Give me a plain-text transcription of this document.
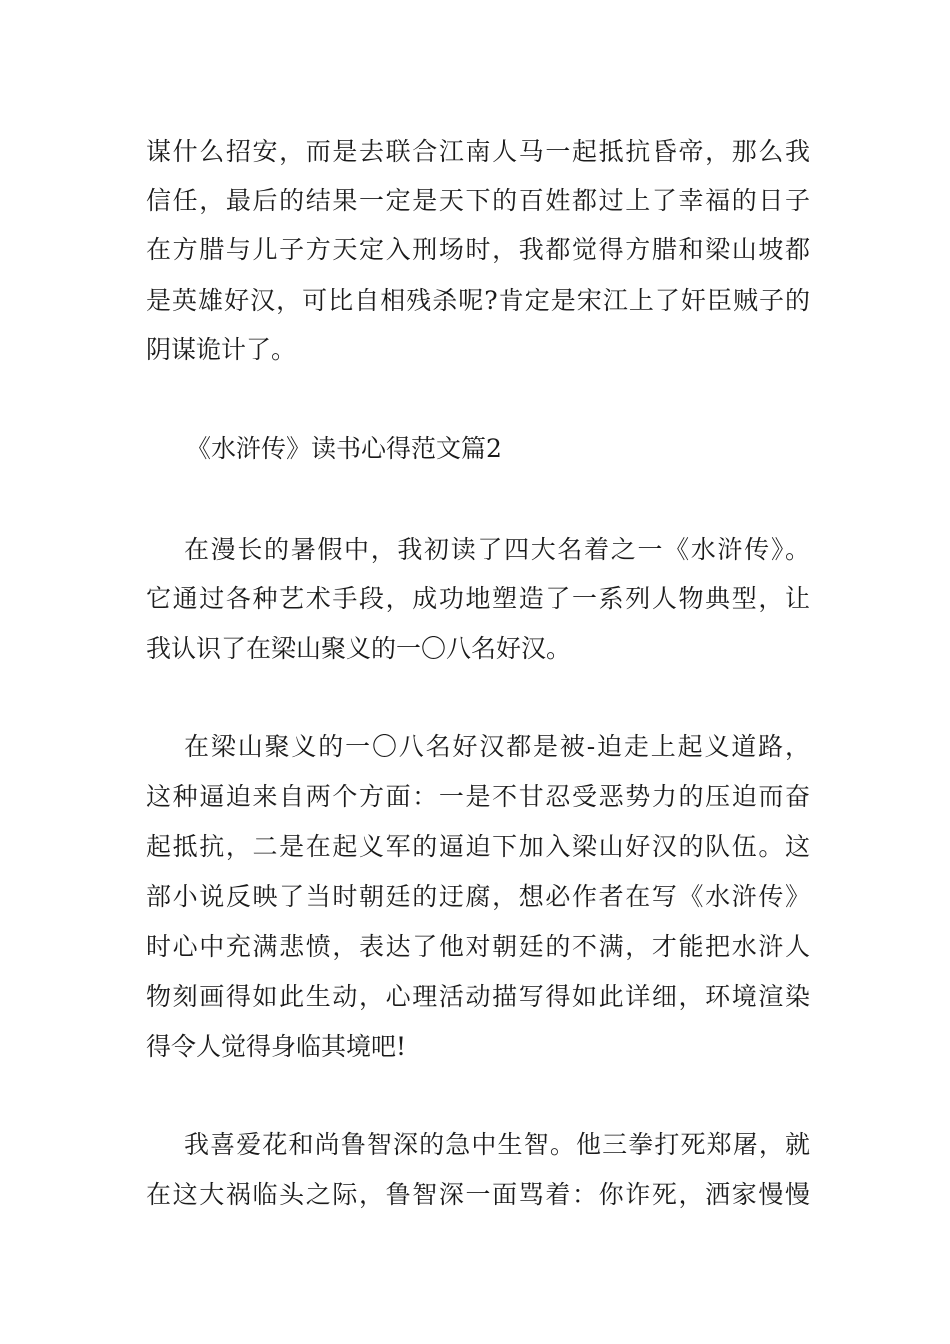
谋什么招安，而是去联合江南人马一起抵抗昏帝，那么我
信任，最后的结果一定是天下的百姓都过上了幸福的日子
在方腊与儿子方天定入刑场时，我都觉得方腊和梁山坡都
是英雄好汉，可比自相残杀呢?肯定是宋江上了奸臣贼子的
阴谋诡计了。
《水浒传》读书心得范文篇2
在漫长的暑假中，我初读了四大名着之一《水浒传》。
它通过各种艺术手段，成功地塑造了一系列人物典型，让
我认识了在梁山聚义的一〇八名好汉。
在梁山聚义的一〇八名好汉都是被-迫走上起义道路，
这种逼迫来自两个方面：一是不甘忍受恶势力的压迫而奋
起抵抗，二是在起义军的逼迫下加入梁山好汉的队伍。这
部小说反映了当时朝廷的迂腐，想必作者在写《水浒传》
时心中充满悲愤，表达了他对朝廷的不满，才能把水浒人
物刻画得如此生动，心理活动描写得如此详细，环境渲染
得令人觉得身临其境吧!
我喜爱花和尚鲁智深的急中生智。他三拳打死郑屠，就
在这大祸临头之际，鲁智深一面骂着：你诈死，洒家慢慢
